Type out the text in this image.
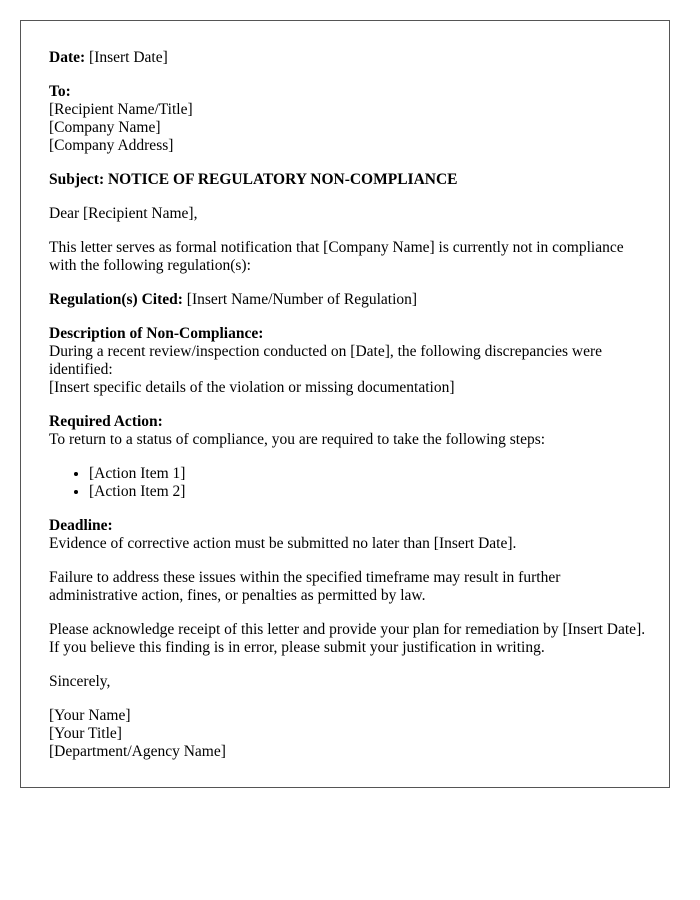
Date: [Insert Date]
To:
[Recipient Name/Title]
[Company Name]
[Company Address]
Subject: NOTICE OF REGULATORY NON-COMPLIANCE
Dear [Recipient Name],
This letter serves as formal notification that [Company Name] is currently not in compliance with the following regulation(s):
Regulation(s) Cited: [Insert Name/Number of Regulation]
Description of Non-Compliance:
During a recent review/inspection conducted on [Date], the following discrepancies were identified:
[Insert specific details of the violation or missing documentation]
Required Action:
To return to a status of compliance, you are required to take the following steps:
• [Action Item 1]
• [Action Item 2]
Deadline:
Evidence of corrective action must be submitted no later than [Insert Date].
Failure to address these issues within the specified timeframe may result in further administrative action, fines, or penalties as permitted by law.
Please acknowledge receipt of this letter and provide your plan for remediation by [Insert Date]. If you believe this finding is in error, please submit your justification in writing.
Sincerely,
[Your Name]
[Your Title]
[Department/Agency Name]
